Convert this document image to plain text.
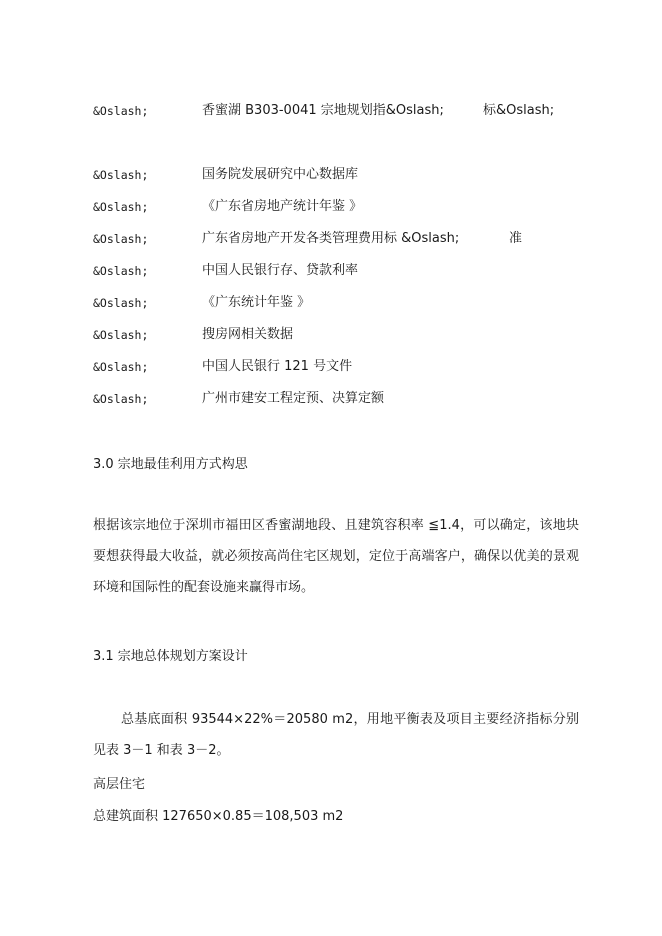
&Oslash;	香蜜湖 B303-0041 宗地规划指&Oslash;	标&Oslash;
&Oslash;	国务院发展研究中心数据库
&Oslash;	《广东省房地产统计年鉴 》
&Oslash;	广东省房地产开发各类管理费用标 &Oslash;	准
&Oslash;	中国人民银行存、贷款利率
&Oslash;	《广东统计年鉴 》
&Oslash;	搜房网相关数据
&Oslash;	中国人民银行 121 号文件
&Oslash;	广州市建安工程定预、决算定额
3.0 宗地最佳利用方式构思
根据该宗地位于深圳市福田区香蜜湖地段、且建筑容积率 ≦1.4，可以确定，该地块要想获得最大收益，就必须按高尚住宅区规划，定位于高端客户，确保以优美的景观环境和国际性的配套设施来赢得市场。
3.1 宗地总体规划方案设计
总基底面积 93544×22%＝20580 m2，用地平衡表及项目主要经济指标分别见表 3－1 和表 3－2。
高层住宅
总建筑面积 127650×0.85＝108,503 m2
